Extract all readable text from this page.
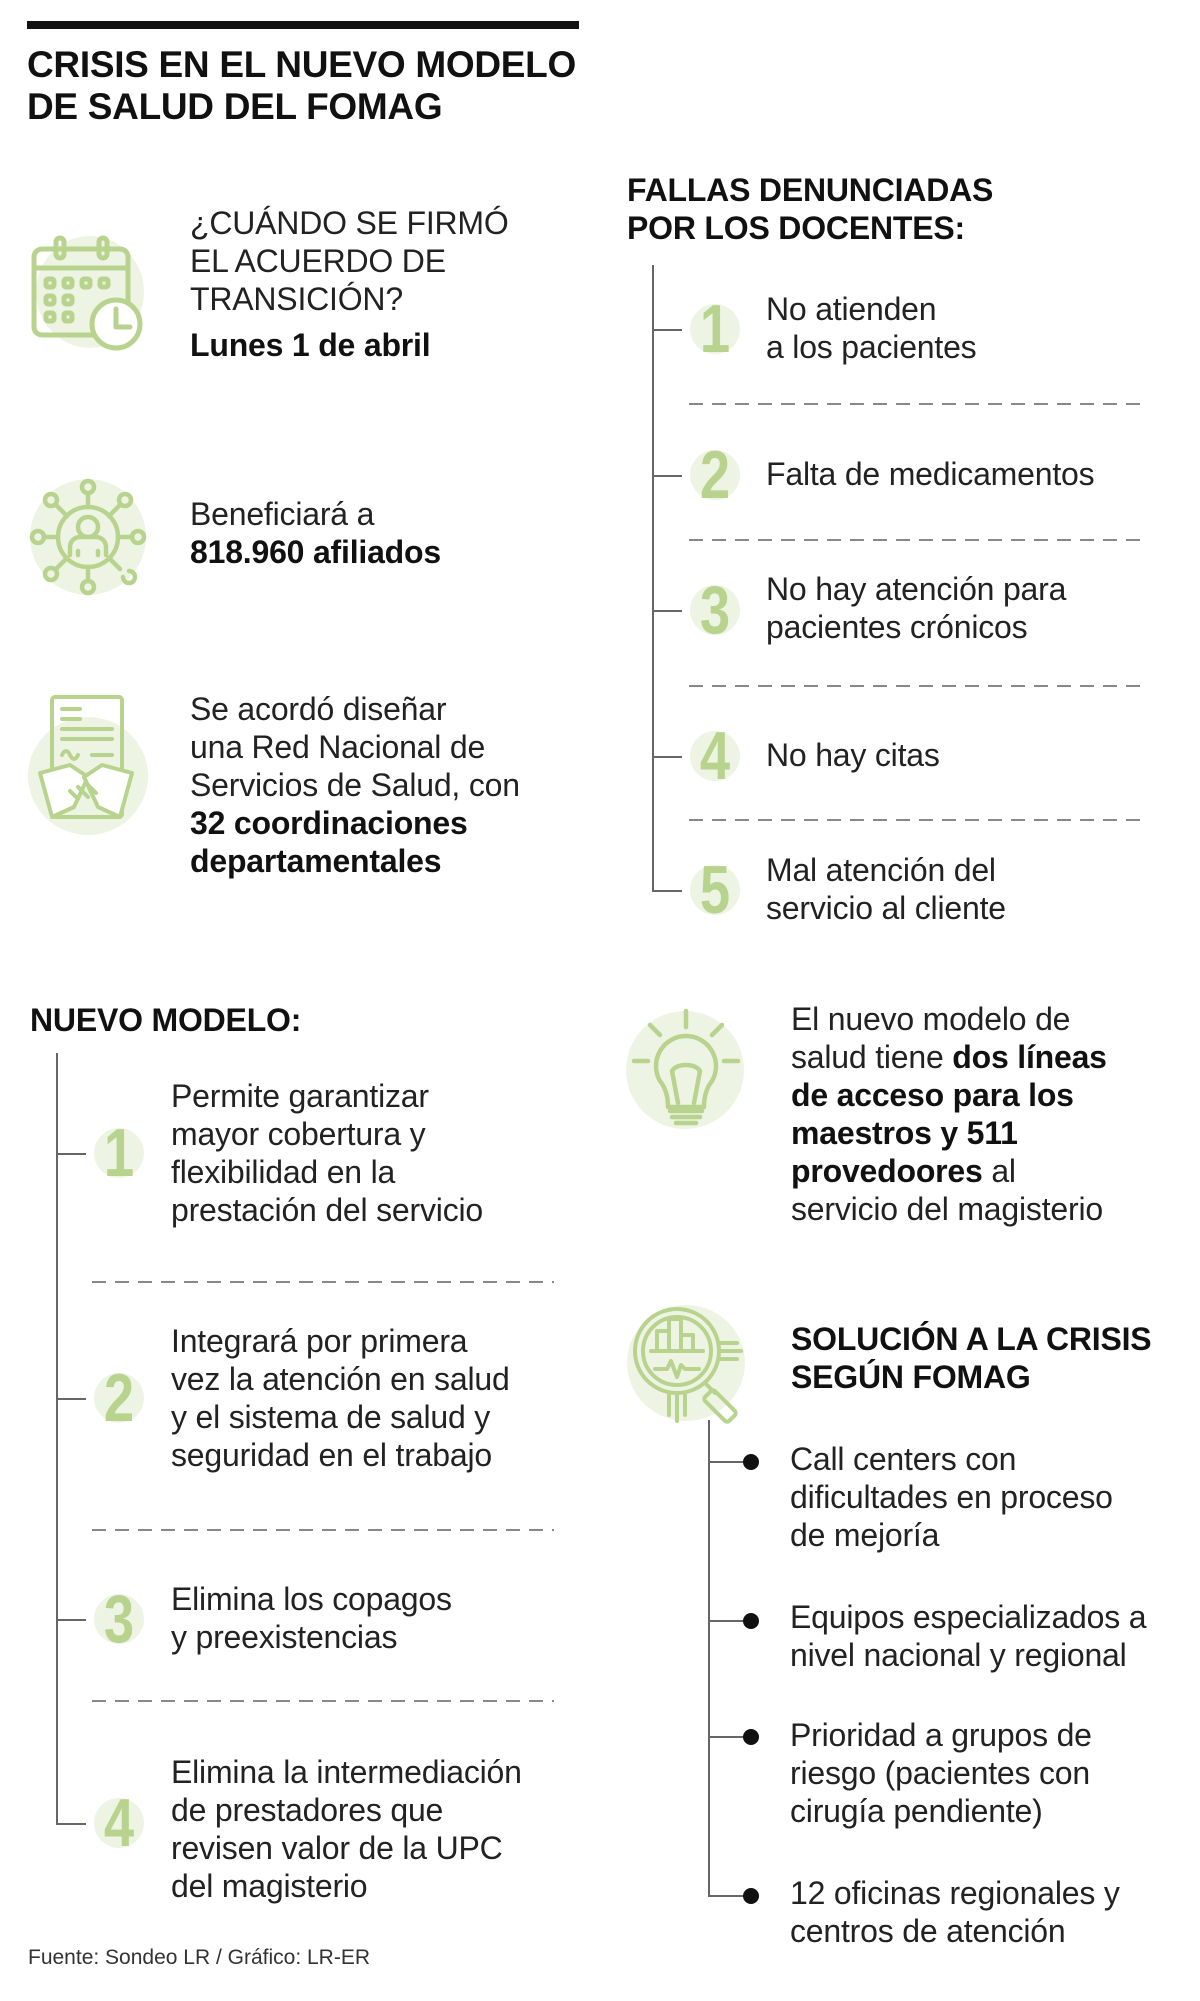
CRISIS EN EL NUEVO MODELO
DE SALUD DEL FOMAG
¿CUÁNDO SE FIRMÓ
EL ACUERDO DE
TRANSICIÓN?
Lunes 1 de abril
Beneficiará a
818.960 afiliados
Se acordó diseñar
una Red Nacional de
Servicios de Salud, con
32 coordinaciones
departamentales
FALLAS DENUNCIADAS
POR LOS DOCENTES:
1 No atienden
a los pacientes
2 Falta de medicamentos
3 No hay atención para
pacientes crónicos
4 No hay citas
5 Mal atención del
servicio al cliente
NUEVO MODELO:
1
Permite garantizar
mayor cobertura y
flexibilidad en la
prestación del servicio
2
Integrará por primera
vez la atención en salud
y el sistema de salud y
seguridad en el trabajo
3 Elimina los copagos
y preexistencias
4
Elimina la intermediación
de prestadores que
revisen valor de la UPC
del magisterio
El nuevo modelo de
salud tiene dos líneas
de acceso para los
maestros y 511
provedoores al
servicio del magisterio
SOLUCIÓN A LA CRISIS
SEGÚN FOMAG
Call centers con
dificultades en proceso
de mejoría
Equipos especializados a
nivel nacional y regional
Prioridad a grupos de
riesgo (pacientes con
cirugía pendiente)
12 oficinas regionales y
centros de atención
Fuente: Sondeo LR / Gráfico: LR-ER
